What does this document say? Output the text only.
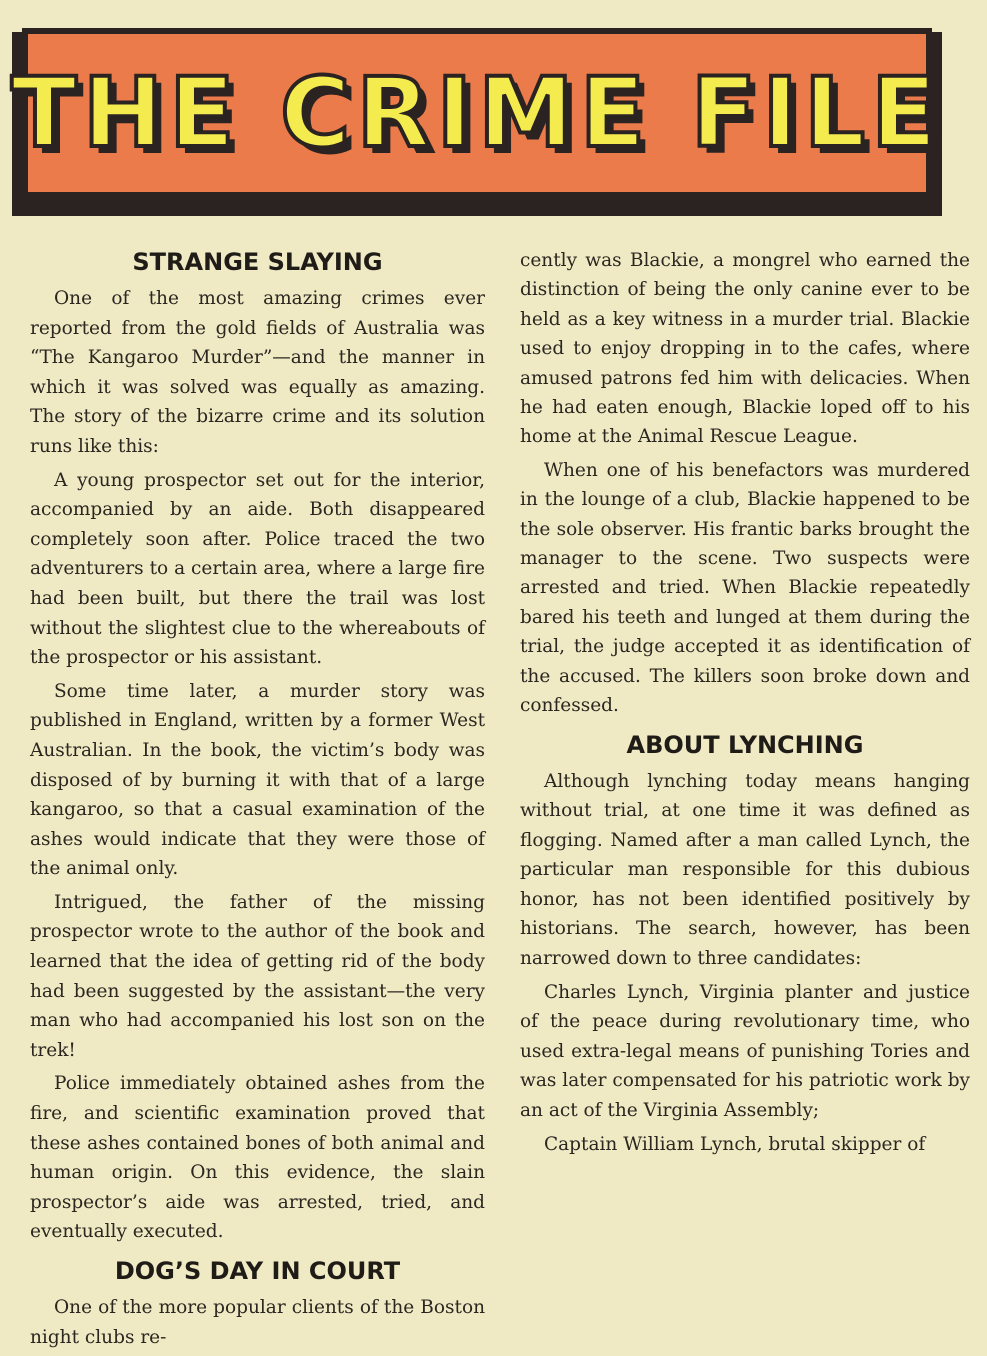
THE CRIME FILE
STRANGE SLAYING

One of the most amazing crimes ever reported from the gold fields of Australia was “The Kangaroo Murder”—and the manner in which it was solved was equally as amazing. The story of the bizarre crime and its solution runs like this:

A young prospector set out for the interior, accompanied by an aide. Both disappeared completely soon after. Police traced the two adventurers to a certain area, where a large fire had been built, but there the trail was lost without the slightest clue to the whereabouts of the prospector or his assistant.

Some time later, a murder story was published in England, written by a former West Australian. In the book, the victim’s body was disposed of by burning it with that of a large kangaroo, so that a casual examination of the ashes would indicate that they were those of the animal only.

Intrigued, the father of the missing prospector wrote to the author of the book and learned that the idea of getting rid of the body had been suggested by the assistant—the very man who had accompanied his lost son on the trek!

Police immediately obtained ashes from the fire, and scientific examination proved that these ashes contained bones of both animal and human origin. On this evidence, the slain prospector’s aide was arrested, tried, and eventually executed.

DOG’S DAY IN COURT

One of the more popular clients of the Boston night clubs re-

cently was Blackie, a mongrel who earned the distinction of being the only canine ever to be held as a key witness in a murder trial. Blackie used to enjoy dropping in to the cafes, where amused patrons fed him with delicacies. When he had eaten enough, Blackie loped off to his home at the Animal Rescue League.

When one of his benefactors was murdered in the lounge of a club, Blackie happened to be the sole observer. His frantic barks brought the manager to the scene. Two suspects were arrested and tried. When Blackie repeatedly bared his teeth and lunged at them during the trial, the judge accepted it as identification of the accused. The killers soon broke down and confessed.

ABOUT LYNCHING

Although lynching today means hanging without trial, at one time it was defined as flogging. Named after a man called Lynch, the particular man responsible for this dubious honor, has not been identified positively by historians. The search, however, has been narrowed down to three candidates:

Charles Lynch, Virginia planter and justice of the peace during revolutionary time, who used extra-legal means of punishing Tories and was later compensated for his patriotic work by an act of the Virginia Assembly;

Captain William Lynch, brutal skipper of
